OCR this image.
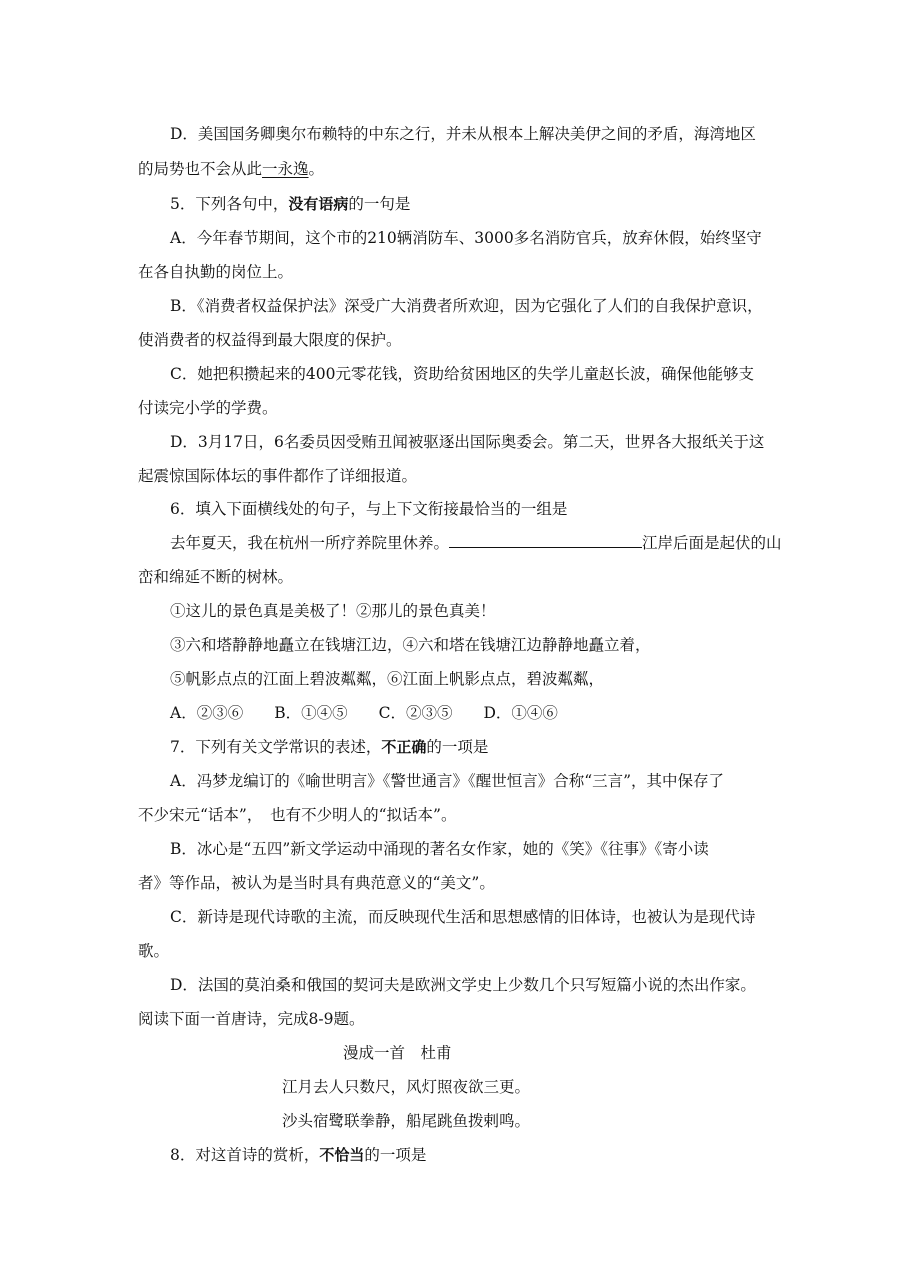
D．美国国务卿奥尔布赖特的中东之行，并未从根本上解决美伊之间的矛盾，海湾地区
的局势也不会从此一永逸。
5．下列各句中，没有语病的一句是
A．今年春节期间，这个市的210辆消防车、3000多名消防官兵，放弃休假，始终坚守
在各自执勤的岗位上。
B．《消费者权益保护法》深受广大消费者所欢迎，因为它强化了人们的自我保护意识，
使消费者的权益得到最大限度的保护。
C．她把积攒起来的400元零花钱，资助给贫困地区的失学儿童赵长波，确保他能够支
付读完小学的学费。
D．3月17日，6名委员因受贿丑闻被驱逐出国际奥委会。第二天，世界各大报纸关于这
起震惊国际体坛的事件都作了详细报道。
6．填入下面横线处的句子，与上下文衔接最恰当的一组是
去年夏天，我在杭州一所疗养院里休养。	江岸后面是起伏的山
峦和绵延不断的树林。
①这儿的景色真是美极了！②那儿的景色真美！
③六和塔静静地矗立在钱塘江边，④六和塔在钱塘江边静静地矗立着，
⑤帆影点点的江面上碧波粼粼，⑥江面上帆影点点，碧波粼粼，
A．②③⑥　　B．①④⑤　　C．②③⑤　　D．①④⑥
7．下列有关文学常识的表述，不正确的一项是
A．冯梦龙编订的《喻世明言》《警世通言》《醒世恒言》合称“三言”，其中保存了
不少宋元“话本”，　也有不少明人的“拟话本”。
B．冰心是“五四”新文学运动中涌现的著名女作家，她的《笑》《往事》《寄小读
者》等作品，被认为是当时具有典范意义的“美文”。
C．新诗是现代诗歌的主流，而反映现代生活和思想感情的旧体诗，也被认为是现代诗
歌。
D．法国的莫泊桑和俄国的契诃夫是欧洲文学史上少数几个只写短篇小说的杰出作家。
阅读下面一首唐诗，完成8-9题。
漫成一首　杜甫
江月去人只数尺，风灯照夜欲三更。
沙头宿鹭联拳静，船尾跳鱼拨剌鸣。
8．对这首诗的赏析，不恰当的一项是
